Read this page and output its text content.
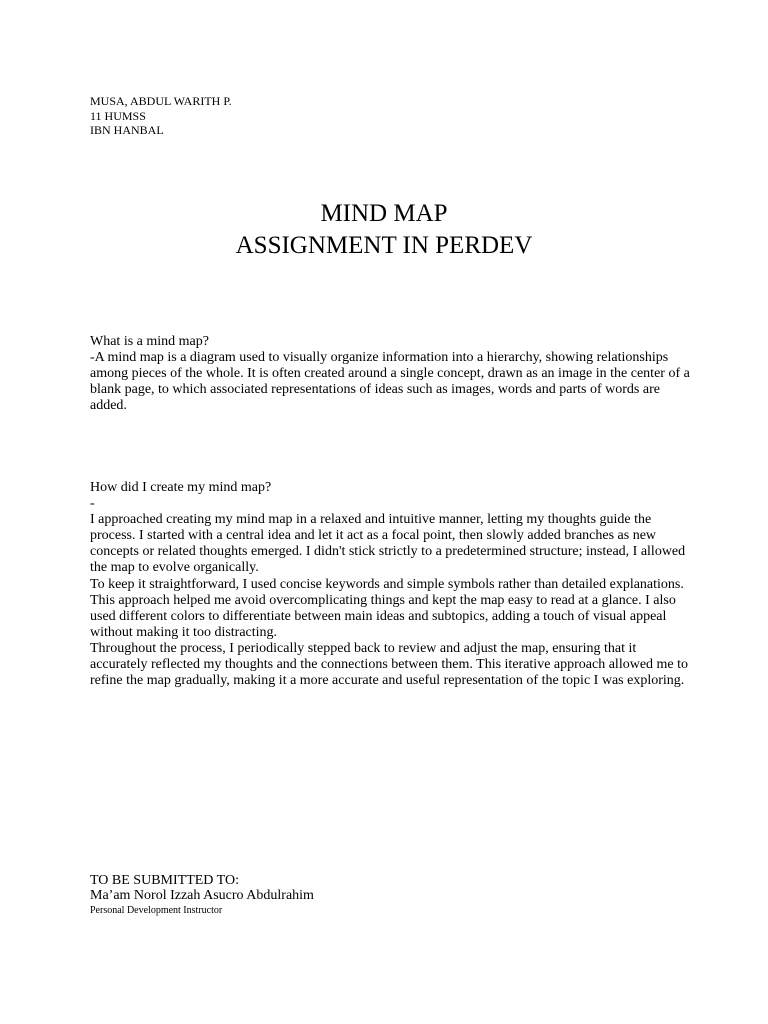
MUSA, ABDUL WARITH P.
11 HUMSS
IBN HANBAL
MIND MAP
ASSIGNMENT IN PERDEV

What is a mind map?

-A mind map is a diagram used to visually organize information into a hierarchy, showing relationships among pieces of the whole. It is often created around a single concept, drawn as an image in the center of a blank page, to which associated representations of ideas such as images, words and parts of words are added.

How did I create my mind map?

-

I approached creating my mind map in a relaxed and intuitive manner, letting my thoughts guide the process. I started with a central idea and let it act as a focal point, then slowly added branches as new concepts or related thoughts emerged. I didn't stick strictly to a predetermined structure; instead, I allowed the map to evolve organically.

To keep it straightforward, I used concise keywords and simple symbols rather than detailed explanations. This approach helped me avoid overcomplicating things and kept the map easy to read at a glance. I also used different colors to differentiate between main ideas and subtopics, adding a touch of visual appeal without making it too distracting.

Throughout the process, I periodically stepped back to review and adjust the map, ensuring that it accurately reflected my thoughts and the connections between them. This iterative approach allowed me to refine the map gradually, making it a more accurate and useful representation of the topic I was exploring.

TO BE SUBMITTED TO:
Ma’am Norol Izzah Asucro Abdulrahim
Personal Development Instructor
